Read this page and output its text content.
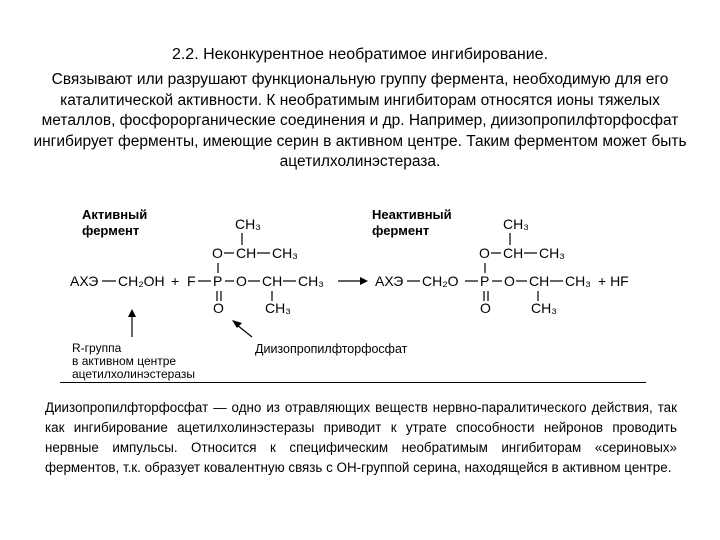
2.2. Неконкурентное необратимое ингибирование.
Связывают или разрушают функциональную группу фермента, необходимую для его каталитической активности. К необратимым ингибиторам относятся ионы тяжелых металлов, фосфорорганические соединения и др. Например, диизопропилфторфосфат ингибирует ферменты, имеющие серин в активном центре. Таким ферментом может быть ацетилхолинэстераза.
Активный
фермент
Неактивный
фермент
CH₃
O CH CH₃
АХЭ CH₂OH + F P O CH CH₃
O	CH₃
CH₃
O CH CH₃
АХЭ CH₂O P O CH CH₃ + HF
O	CH₃
R-группа
в активном центре
ацетилхолинэстеразы
Диизопропилфторфосфат
Диизопропилфторфосфат — одно из отравляющих веществ нервно-паралитического действия, так как ингибирование ацетилхолинэстеразы приводит к утрате способности нейронов проводить нервные импульсы. Относится к специфическим необратимым ингибиторам «сериновых» ферментов, т.к. образует ковалентную связь с ОН-группой серина, находящейся в активном центре.
